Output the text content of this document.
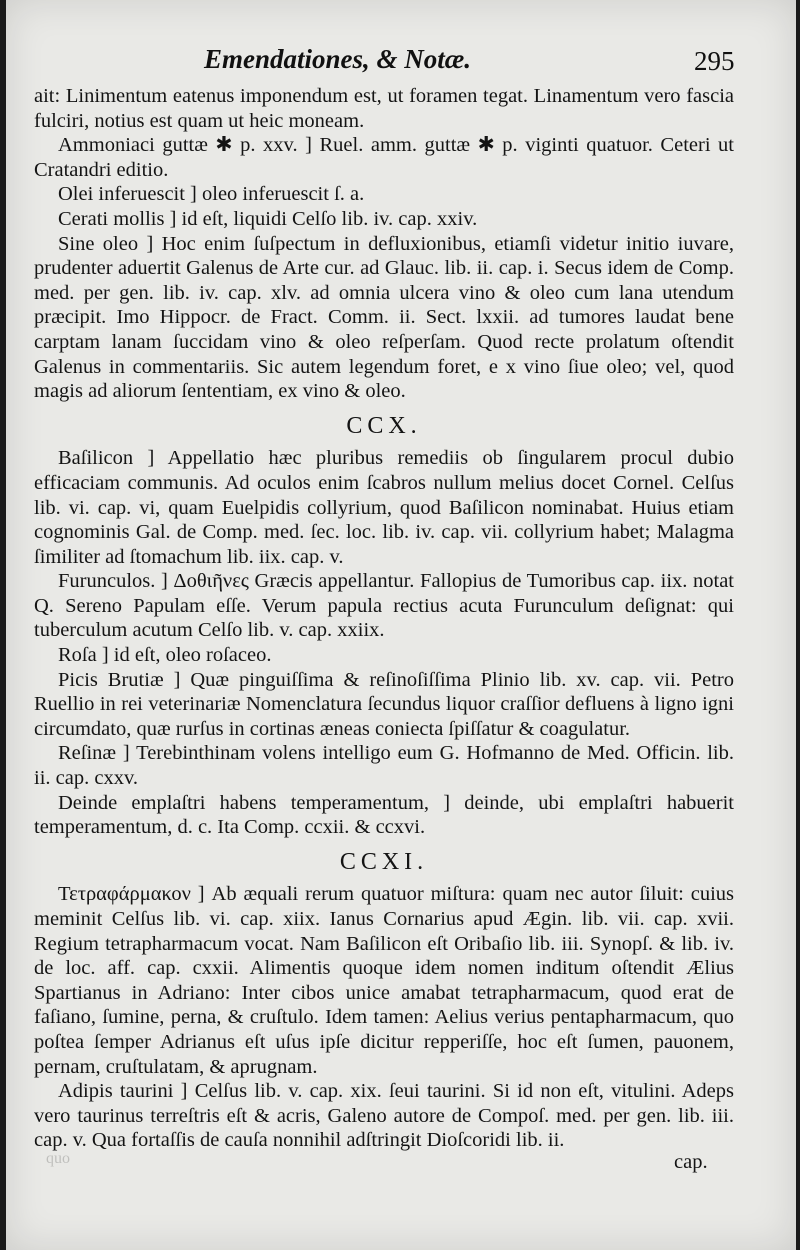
Emendationes, & Notæ.	295

ait: Linimentum eatenus imponendum est, ut foramen tegat. Linamentum vero fascia fulciri, notius est quam ut heic moneam.

Ammoniaci guttæ ✱ p. xxv. ] Ruel. amm. guttæ ✱ p. viginti quatuor. Ceteri ut Cratandri editio.

Olei inferuescit ] oleo inferuescit ſ. a.

Cerati mollis ] id eſt, liquidi Celſo lib. iv. cap. xxiv.

Sine oleo ] Hoc enim ſuſpectum in defluxionibus, etiamſi videtur initio iuvare, prudenter aduertit Galenus de Arte cur. ad Glauc. lib. ii. cap. i. Secus idem de Comp. med. per gen. lib. iv. cap. xlv. ad omnia ulcera vino & oleo cum lana utendum præcipit. Imo Hippocr. de Fract. Comm. ii. Sect. lxxii. ad tumores laudat bene carptam lanam ſuccidam vino & oleo reſperſam. Quod recte prolatum oſtendit Galenus in commentariis. Sic autem legendum foret, e x vino ſiue oleo; vel, quod magis ad aliorum ſententiam, ex vino & oleo.

CCX.

Baſilicon ] Appellatio hæc pluribus remediis ob ſingularem procul dubio efficaciam communis. Ad oculos enim ſcabros nullum melius docet Cornel. Celſus lib. vi. cap. vi, quam Euelpidis collyrium, quod Baſilicon nominabat. Huius etiam cognominis Gal. de Comp. med. ſec. loc. lib. iv. cap. vii. collyrium habet; Malagma ſimiliter ad ſtomachum lib. iix. cap. v.

Furunculos. ] Δοθιῆνες Græcis appellantur. Fallopius de Tumoribus cap. iix. notat Q. Sereno Papulam eſſe. Verum papula rectius acuta Furunculum deſignat: qui tuberculum acutum Celſo lib. v. cap. xxiix.

Roſa ] id eſt, oleo roſaceo.

Picis Brutiæ ] Quæ pinguiſſima & reſinoſiſſima Plinio lib. xv. cap. vii. Petro Ruellio in rei veterinariæ Nomenclatura ſecundus liquor craſſior defluens à ligno igni circumdato, quæ rurſus in cortinas æneas coniecta ſpiſſatur & coagulatur.

Reſinæ ] Terebinthinam volens intelligo eum G. Hofmanno de Med. Officin. lib. ii. cap. cxxv.

Deinde emplaſtri habens temperamentum, ] deinde, ubi emplaſtri habuerit temperamentum, d. c. Ita Comp. ccxii. & ccxvi.

CCXI.

Τετραφάρμακον ] Ab æquali rerum quatuor miſtura: quam nec autor ſiluit: cuius meminit Celſus lib. vi. cap. xiix. Ianus Cornarius apud Ægin. lib. vii. cap. xvii. Regium tetrapharmacum vocat. Nam Baſilicon eſt Oribaſio lib. iii. Synopſ. & lib. iv. de loc. aff. cap. cxxii. Alimentis quoque idem nomen inditum oſtendit Ælius Spartianus in Adriano: Inter cibos unice amabat tetrapharmacum, quod erat de faſiano, ſumine, perna, & cruſtulo. Idem tamen: Aelius verius pentapharmacum, quo poſtea ſemper Adrianus eſt uſus ipſe dicitur repperiſſe, hoc eſt ſumen, pauonem, pernam, cruſtulatam, & aprugnam.

Adipis taurini ] Celſus lib. v. cap. xix. ſeui taurini. Si id non eſt, vitulini. Adeps vero taurinus terreſtris eſt & acris, Galeno autore de Compoſ. med. per gen. lib. iii. cap. v. Qua fortaſſis de cauſa nonnihil adſtringit Dioſcoridi lib. ii.

quo	cap.
